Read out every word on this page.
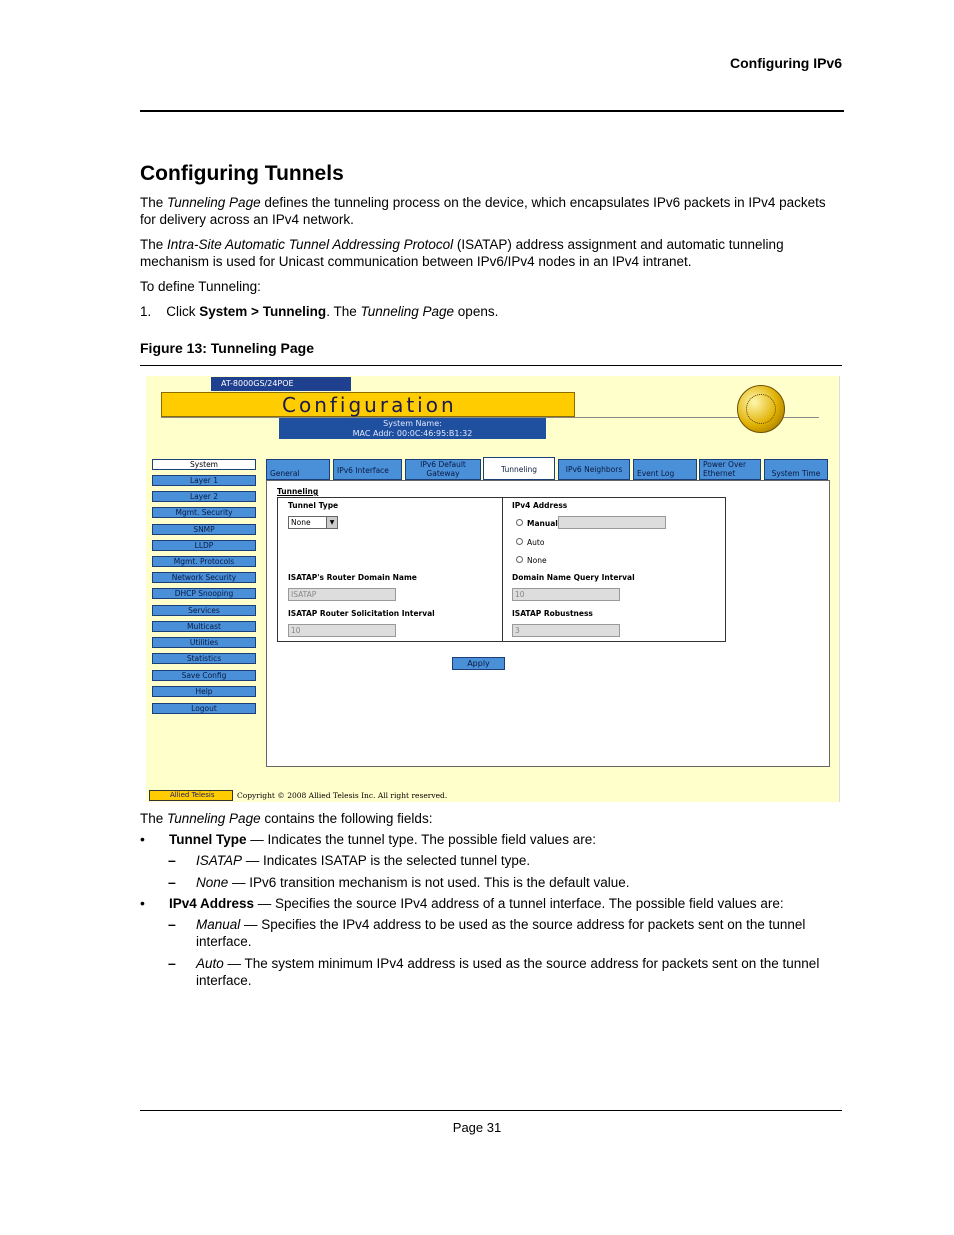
Configuring IPv6
Configuring Tunnels
The Tunneling Page defines the tunneling process on the device, which encapsulates IPv6 packets in IPv4 packets for delivery across an IPv4 network.
The Intra-Site Automatic Tunnel Addressing Protocol (ISATAP) address assignment and automatic tunneling mechanism is used for Unicast communication between IPv6/IPv4 nodes in an IPv4 intranet.
To define Tunneling:
1. Click System > Tunneling. The Tunneling Page opens.
Figure 13: Tunneling Page
AT-8000GS/24POE
Configuration
System Name:
MAC Addr: 00:0C:46:95:B1:32
System
Layer 1
Layer 2
Mgmt. Security
SNMP
LLDP
Mgmt. Protocols
Network Security
DHCP Snooping
Services
Multicast
Utilities
Statistics
Save Config
Help
Logout
General	IPv6 Interface
IPv6 Default Gateway	Tunneling	IPv6 Neighbors	Event Log
Power Over Ethernet	System Time
Tunneling
Tunnel Type
None	▼
IPv4 Address
Manual
Auto
None
ISATAP's Router Domain Name
ISATAP
Domain Name Query Interval
10
ISATAP Router Solicitation Interval
10
ISATAP Robustness
3
Apply
Allied Telesis	Copyright © 2008 Allied Telesis Inc. All right reserved.
The Tunneling Page contains the following fields:
• Tunnel Type — Indicates the tunnel type. The possible field values are:
– ISATAP — Indicates ISATAP is the selected tunnel type.
– None — IPv6 transition mechanism is not used. This is the default value.
• IPv4 Address — Specifies the source IPv4 address of a tunnel interface. The possible field values are:
– Manual — Specifies the IPv4 address to be used as the source address for packets sent on the tunnel interface.
– Auto — The system minimum IPv4 address is used as the source address for packets sent on the tunnel interface.
Page 31
